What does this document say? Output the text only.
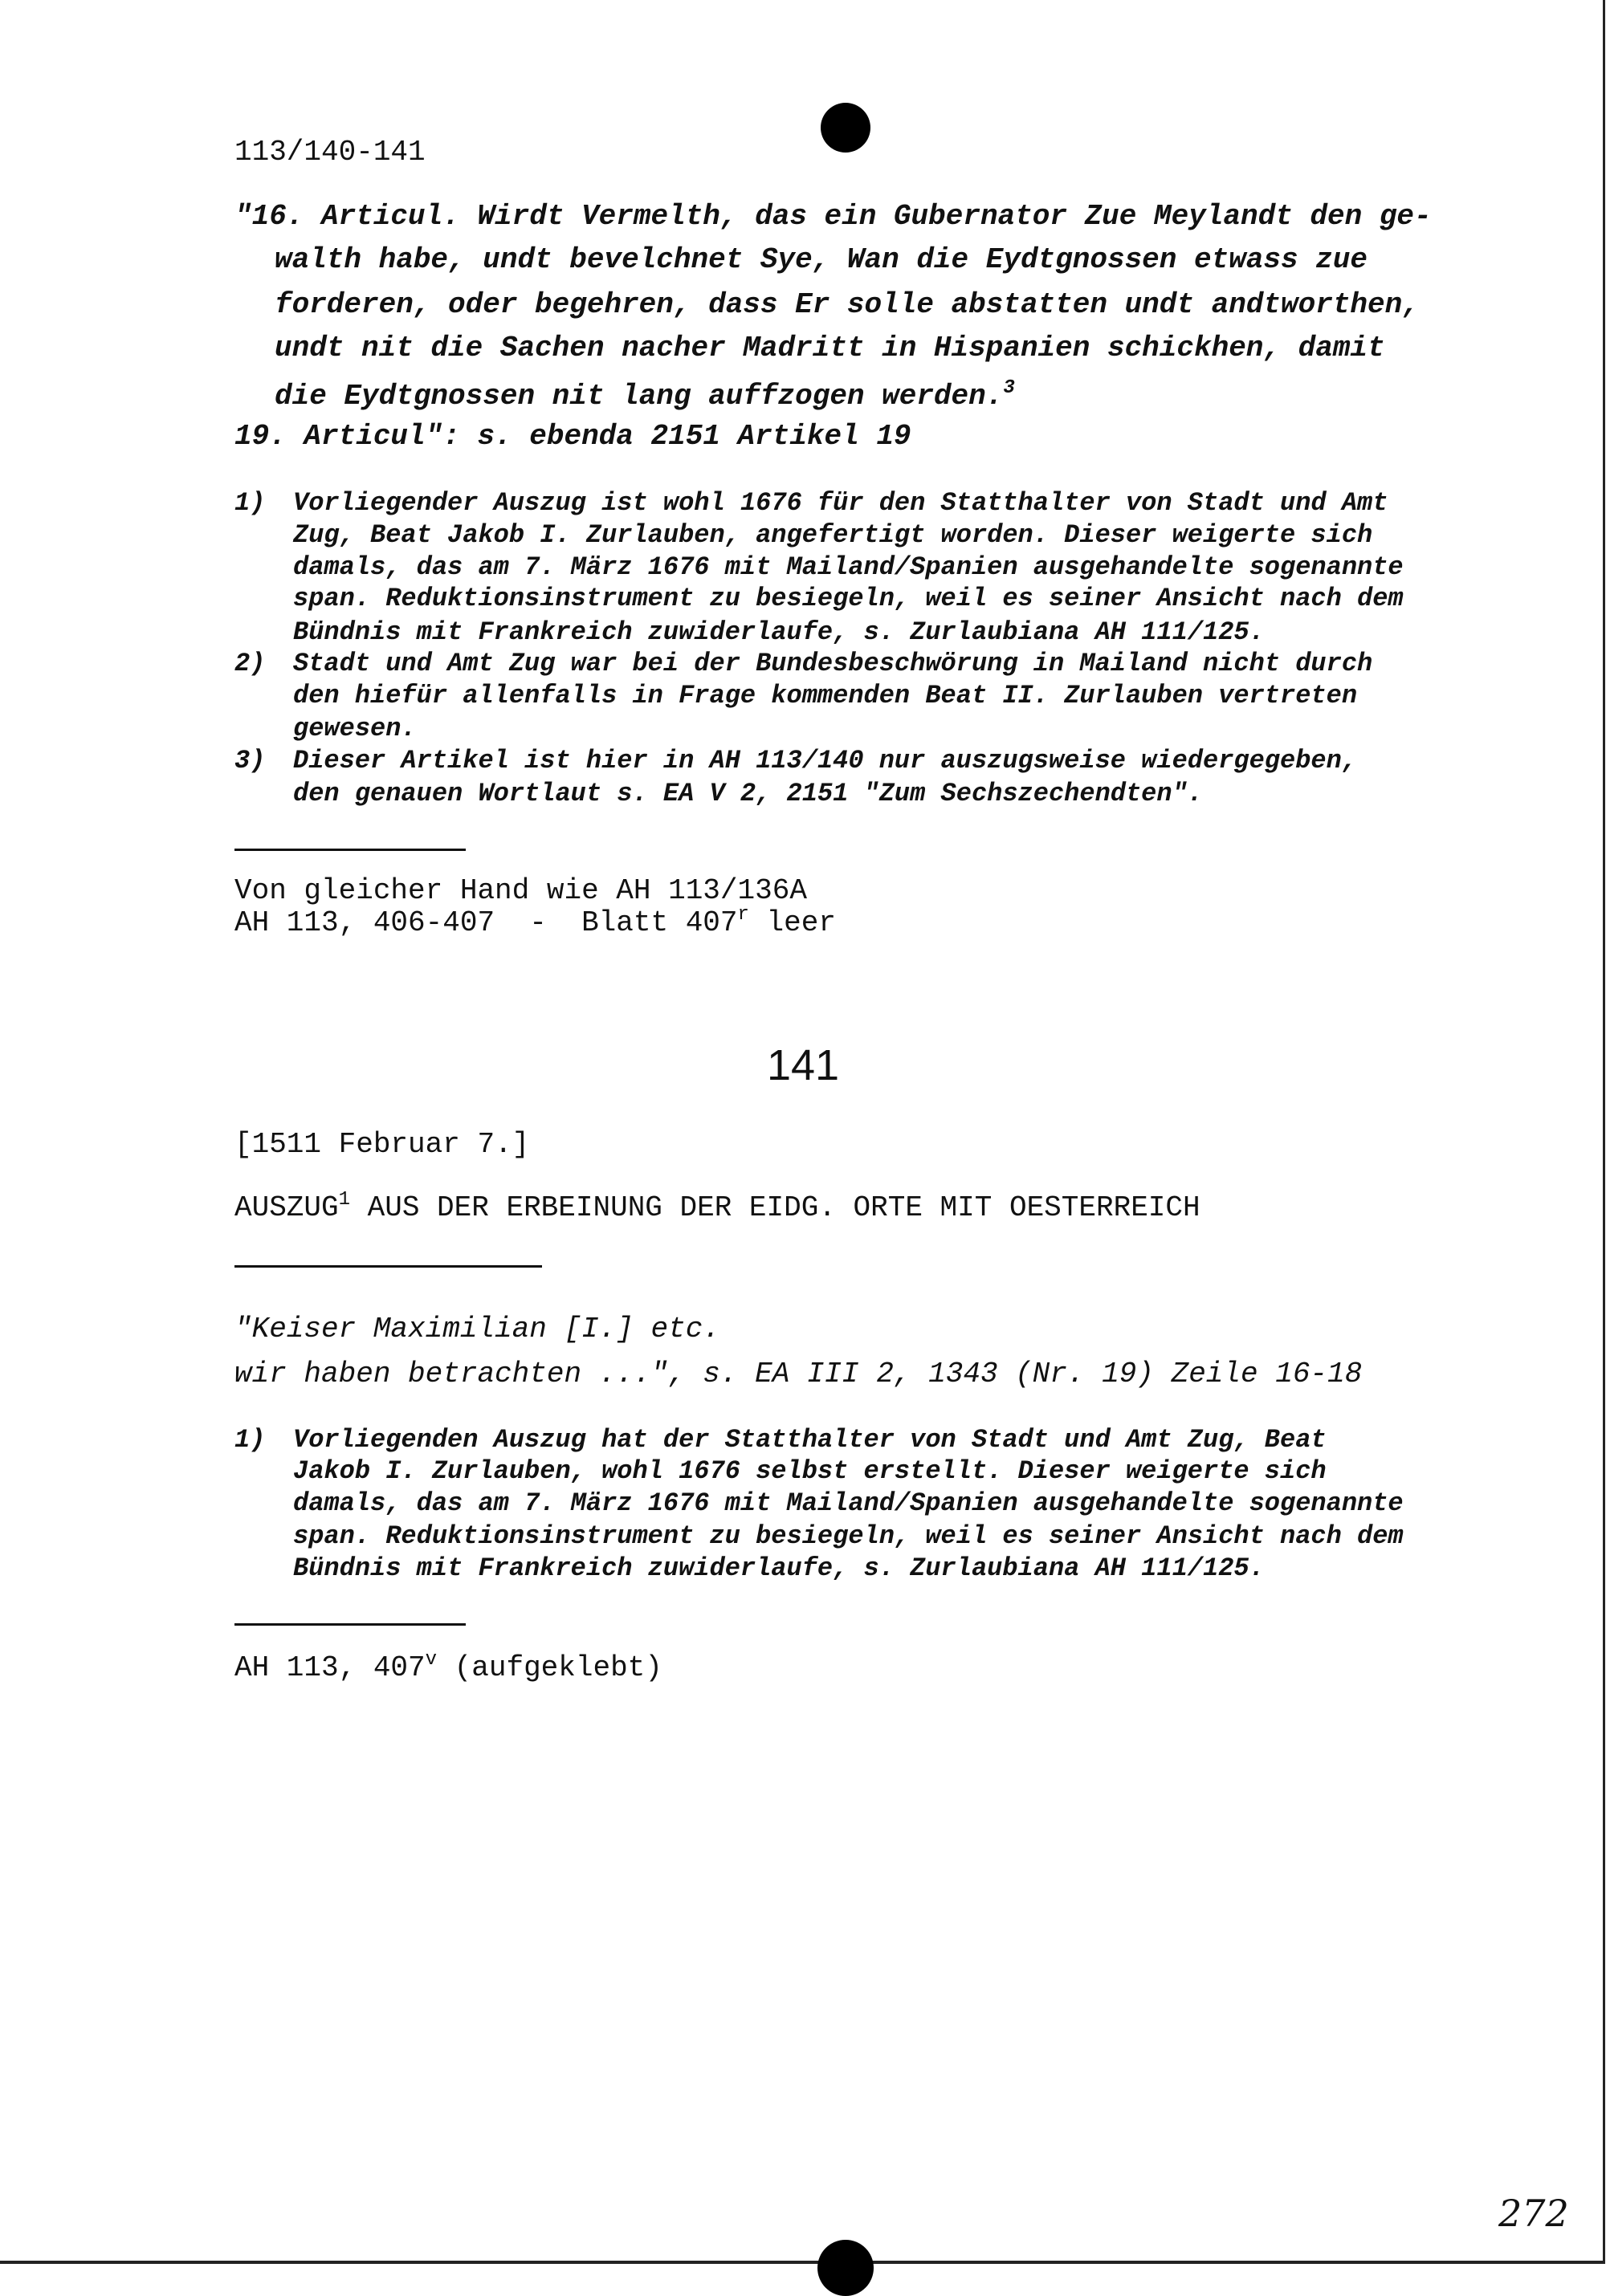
113/140-141
"16. Articul. Wirdt Vermelth, das ein Gubernator Zue Meylandt den ge-
walth habe, undt bevelchnet Sye, Wan die Eydtgnossen etwass zue
forderen, oder begehren, dass Er solle abstatten undt andtworthen,
undt nit die Sachen nacher Madritt in Hispanien schickhen, damit
die Eydtgnossen nit lang auffzogen werden.$^3$
19. Articul": s. ebenda 2151 Artikel 19
1) Vorliegender Auszug ist wohl 1676 für den Statthalter von Stadt und Amt
Zug, Beat Jakob I. Zurlauben, angefertigt worden. Dieser weigerte sich
damals, das am 7. März 1676 mit Mailand/Spanien ausgehandelte sogenannte
span. Reduktionsinstrument zu besiegeln, weil es seiner Ansicht nach dem
Bündnis mit Frankreich zuwiderlaufe, s. Zurlaubiana AH 111/125.
2) Stadt und Amt Zug war bei der Bundesbeschwörung in Mailand nicht durch
den hiefür allenfalls in Frage kommenden Beat II. Zurlauben vertreten
gewesen.
3) Dieser Artikel ist hier in AH 113/140 nur auszugsweise wiedergegeben,
den genauen Wortlaut s. EA V 2, 2151 "Zum Sechszechendten".
Von gleicher Hand wie AH 113/136A
AH 113, 406-407  -  Blatt 407$^r$ leer
141
[1511 Februar 7.]
AUSZUG$^1$ AUS DER ERBEINUNG DER EIDG. ORTE MIT OESTERREICH
"Keiser Maximilian [I.] etc.
wir haben betrachten ...", s. EA III 2, 1343 (Nr. 19) Zeile 16-18
1) Vorliegenden Auszug hat der Statthalter von Stadt und Amt Zug, Beat
Jakob I. Zurlauben, wohl 1676 selbst erstellt. Dieser weigerte sich
damals, das am 7. März 1676 mit Mailand/Spanien ausgehandelte sogenannte
span. Reduktionsinstrument zu besiegeln, weil es seiner Ansicht nach dem
Bündnis mit Frankreich zuwiderlaufe, s. Zurlaubiana AH 111/125.
AH 113, 407$^v$ (aufgeklebt)
272
